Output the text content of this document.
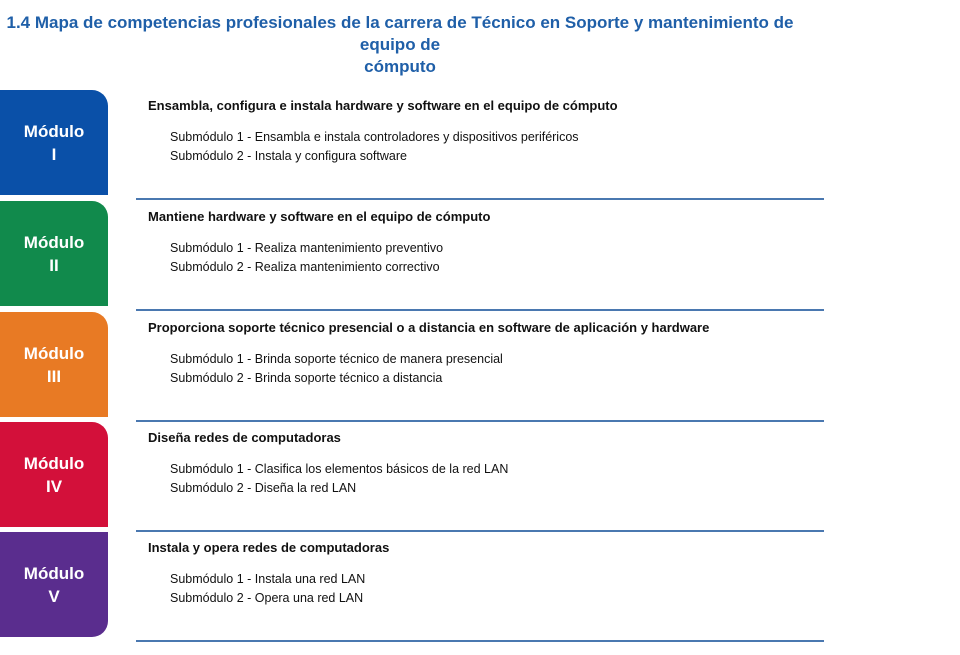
1.4 Mapa de competencias profesionales de la carrera de Técnico en Soporte y mantenimiento de equipo de
cómputo
Módulo
I
Ensambla, configura e instala hardware y software en el equipo de cómputo
Submódulo 1 - Ensambla e instala controladores y dispositivos periféricos
Submódulo 2 - Instala y configura software
Módulo
II
Mantiene hardware y software en el equipo de cómputo
Submódulo 1 - Realiza mantenimiento preventivo
Submódulo 2 - Realiza mantenimiento correctivo
Módulo
III
Proporciona soporte técnico presencial o a distancia en software de aplicación y hardware
Submódulo 1 - Brinda soporte técnico de manera presencial
Submódulo 2 - Brinda soporte técnico a distancia
Módulo
IV
Diseña redes de computadoras
Submódulo 1 - Clasifica los elementos básicos de la red LAN
Submódulo 2 - Diseña la red LAN
Módulo
V
Instala y opera redes de computadoras
Submódulo 1 - Instala una red LAN
Submódulo 2 - Opera una red LAN
